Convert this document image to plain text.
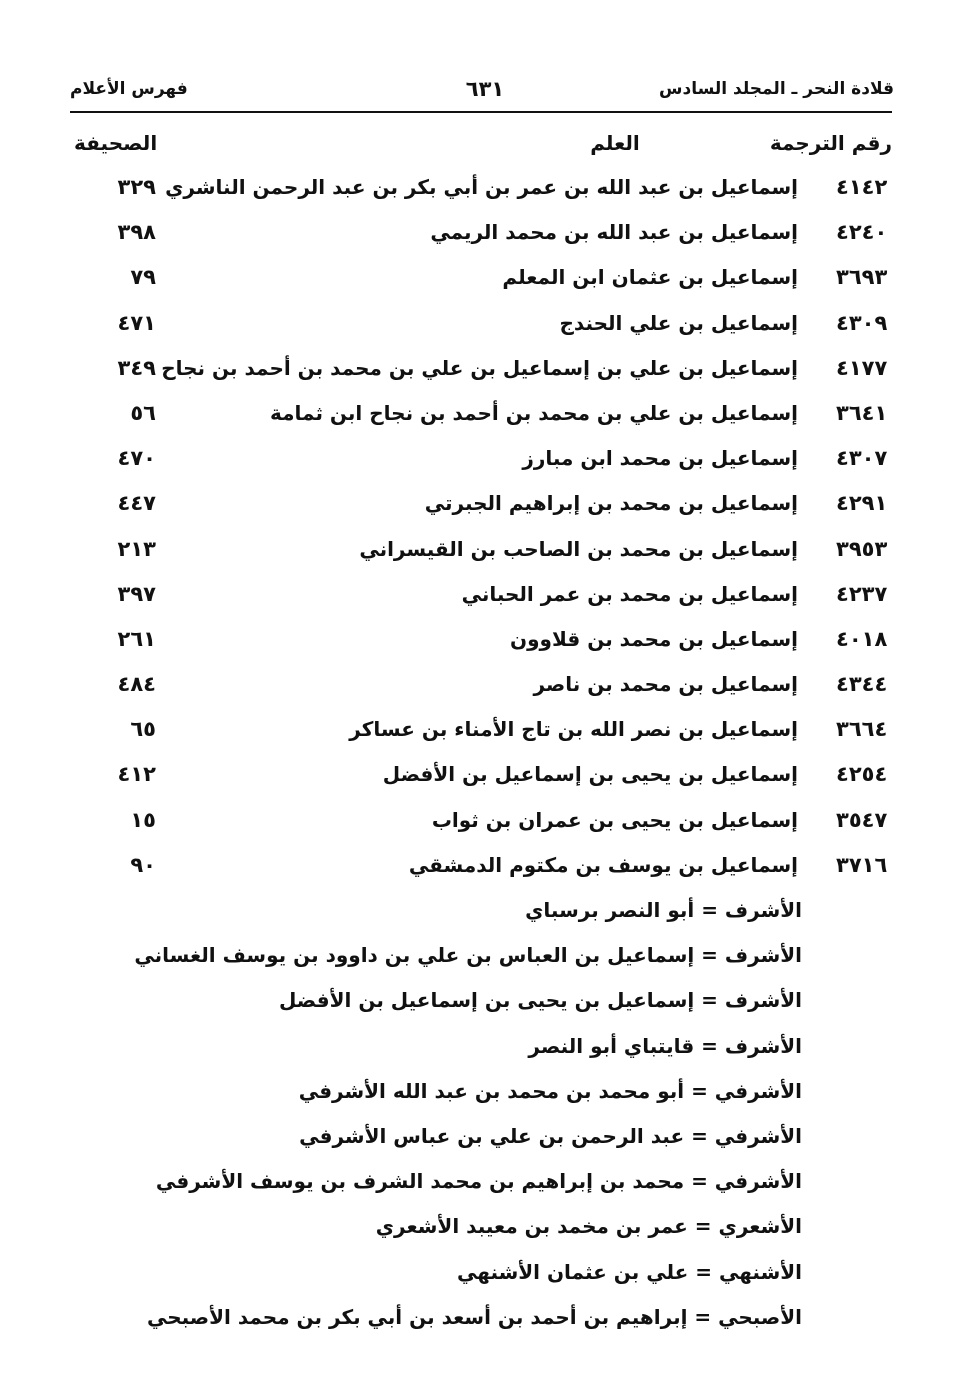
قلادة النحر ـ المجلد السادس
٦٣١
فهرس الأعلام
رقم الترجمة
العلم
الصحيفة
٤١٤٢
إسماعيل بن عبد الله بن عمر بن أبي بكر بن عبد الرحمن الناشري
٣٢٩
٤٢٤٠
إسماعيل بن عبد الله بن محمد الريمي
٣٩٨
٣٦٩٣
إسماعيل بن عثمان ابن المعلم
٧٩
٤٣٠٩
إسماعيل بن علي الحندج
٤٧١
٤١٧٧
إسماعيل بن علي بن إسماعيل بن علي بن محمد بن أحمد بن نجاح
٣٤٩
٣٦٤١
إسماعيل بن علي بن محمد بن أحمد بن نجاح ابن ثمامة
٥٦
٤٣٠٧
إسماعيل بن محمد ابن مبارز
٤٧٠
٤٢٩١
إسماعيل بن محمد بن إبراهيم الجبرتي
٤٤٧
٣٩٥٣
إسماعيل بن محمد بن الصاحب بن القيسراني
٢١٣
٤٢٣٧
إسماعيل بن محمد بن عمر الحباني
٣٩٧
٤٠١٨
إسماعيل بن محمد بن قلاوون
٢٦١
٤٣٤٤
إسماعيل بن محمد بن ناصر
٤٨٤
٣٦٦٤
إسماعيل بن نصر الله بن تاج الأمناء بن عساكر
٦٥
٤٢٥٤
إسماعيل بن يحيى بن إسماعيل بن الأفضل
٤١٢
٣٥٤٧
إسماعيل بن يحيى بن عمران بن ثواب
١٥
٣٧١٦
إسماعيل بن يوسف بن مكتوم الدمشقي
٩٠
الأشرف = أبو النصر برسباي
الأشرف = إسماعيل بن العباس بن علي بن داوود بن يوسف الغساني
الأشرف = إسماعيل بن يحيى بن إسماعيل بن الأفضل
الأشرف = قايتباي أبو النصر
الأشرفي = أبو محمد بن محمد بن عبد الله الأشرفي
الأشرفي = عبد الرحمن بن علي بن عباس الأشرفي
الأشرفي = محمد بن إبراهيم بن محمد الشرف بن يوسف الأشرفي
الأشعري = عمر بن مخمد بن معيبد الأشعري
الأشنهي = علي بن عثمان الأشنهي
الأصبحي = إبراهيم بن أحمد بن أسعد بن أبي بكر بن محمد الأصبحي
